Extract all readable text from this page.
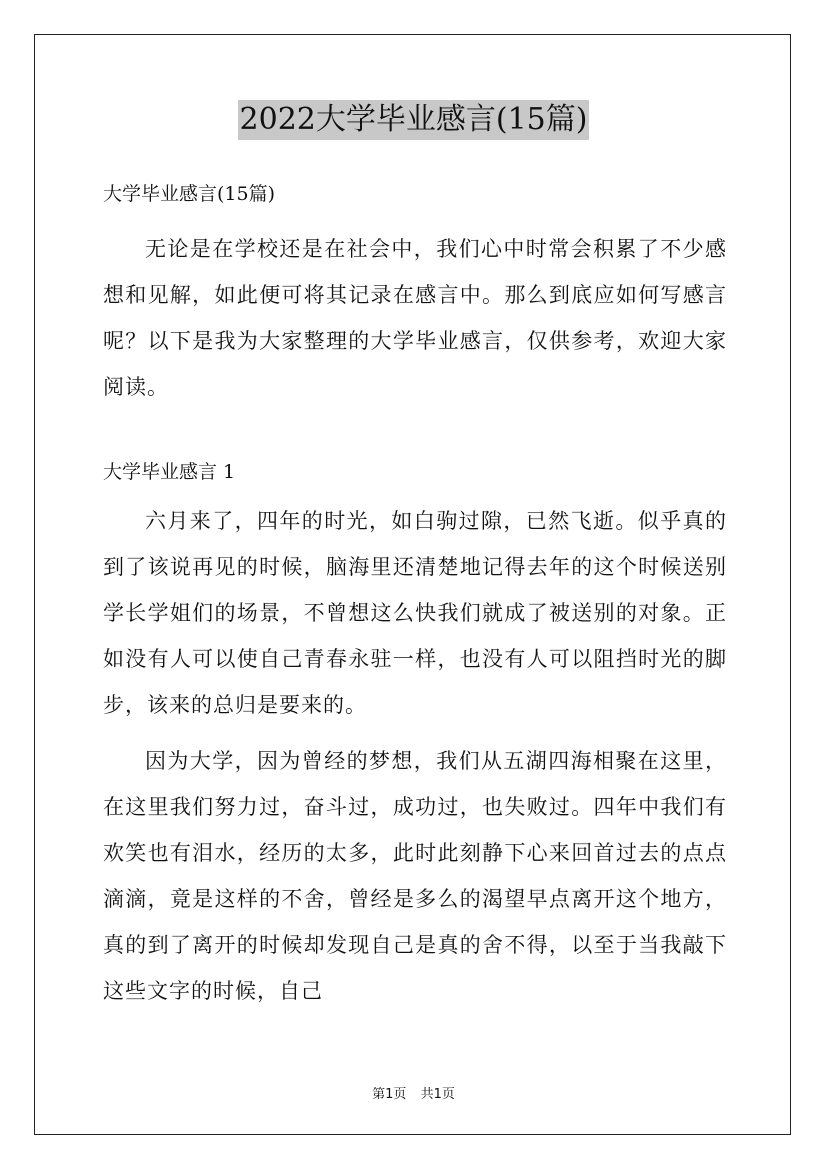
2022大学毕业感言(15篇)

大学毕业感言(15篇)

无论是在学校还是在社会中，我们心中时常会积累了不少感想和见解，如此便可将其记录在感言中。那么到底应如何写感言呢？以下是我为大家整理的大学毕业感言，仅供参考，欢迎大家阅读。

大学毕业感言 1

六月来了，四年的时光，如白驹过隙，已然飞逝。似乎真的到了该说再见的时候，脑海里还清楚地记得去年的这个时候送别学长学姐们的场景，不曾想这么快我们就成了被送别的对象。正如没有人可以使自己青春永驻一样，也没有人可以阻挡时光的脚步，该来的总归是要来的。

因为大学，因为曾经的梦想，我们从五湖四海相聚在这里，在这里我们努力过，奋斗过，成功过，也失败过。四年中我们有欢笑也有泪水，经历的太多，此时此刻静下心来回首过去的点点滴滴，竟是这样的不舍，曾经是多么的渴望早点离开这个地方，真的到了离开的时候却发现自己是真的舍不得，以至于当我敲下这些文字的时候，自己

第1页 共1页
